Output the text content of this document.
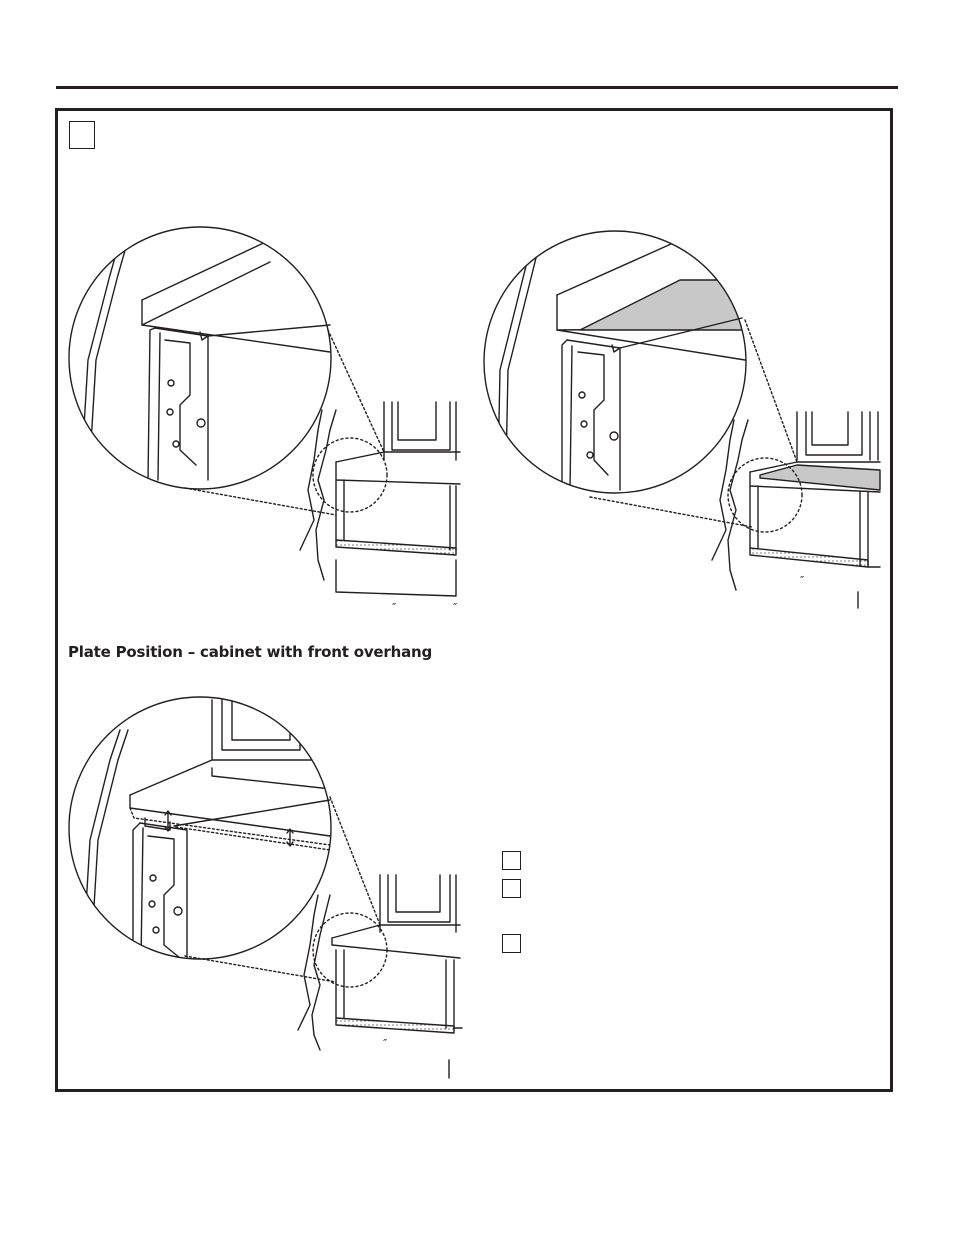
Plate Position – cabinet with front overhang
″	″
″
″
